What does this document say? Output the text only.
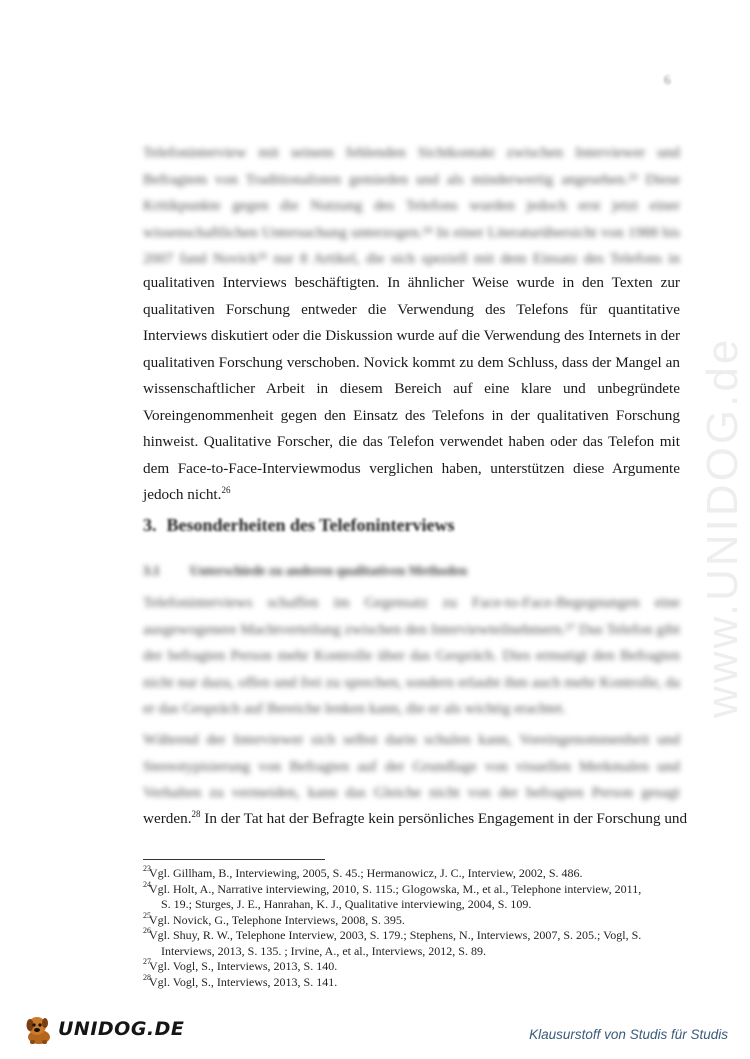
6
Telefoninterview mit seinem fehlenden Sichtkontakt zwischen Interviewer und
Befragtem von Traditionalisten gemieden und als minderwertig angesehen.²³ Diese
Kritikpunkte gegen die Nutzung des Telefons wurden jedoch erst jetzt einer
wissenschaftlichen Untersuchung unterzogen.²⁴ In einer Literaturübersicht von 1988 bis
2007 fand Novick²⁵ nur 8 Artikel, die sich speziell mit dem Einsatz des Telefons in
qualitativen Interviews beschäftigten. In ähnlicher Weise wurde in den Texten zur
qualitativen Forschung entweder die Verwendung des Telefons für quantitative
Interviews diskutiert oder die Diskussion wurde auf die Verwendung des Internets in der
qualitativen Forschung verschoben. Novick kommt zu dem Schluss, dass der Mangel an
wissenschaftlicher Arbeit in diesem Bereich auf eine klare und unbegründete
Voreingenommenheit gegen den Einsatz des Telefons in der qualitativen Forschung
hinweist. Qualitative Forscher, die das Telefon verwendet haben oder das Telefon mit
dem Face-to-Face-Interviewmodus verglichen haben, unterstützen diese Argumente
jedoch nicht.$^{26}$
3. Besonderheiten des Telefoninterviews
3.1 Unterschiede zu anderen qualitativen Methoden
Telefoninterviews schaffen im Gegensatz zu Face-to-Face-Begegnungen eine
ausgewogenere Machtverteilung zwischen den Interviewteilnehmern.²⁷ Das Telefon gibt
der befragten Person mehr Kontrolle über das Gespräch. Dies ermutigt den Befragten
nicht nur dazu, offen und frei zu sprechen, sondern erlaubt ihm auch mehr Kontrolle, da
er das Gespräch auf Bereiche lenken kann, die er als wichtig erachtet.
Während der Interviewer sich selbst darin schulen kann, Voreingenommenheit und
Stereotypisierung von Befragten auf der Grundlage von visuellen Merkmalen und
Verhalten zu vermeiden, kann das Gleiche nicht von der befragten Person gesagt
werden.$^{28}$ In der Tat hat der Befragte kein persönliches Engagement in der Forschung und
23
Vgl. Gillham, B., Interviewing, 2005, S. 45.; Hermanowicz, J. C., Interview, 2002, S. 486.
24
Vgl. Holt, A., Narrative interviewing, 2010, S. 115.; Glogowska, M., et al., Telephone interview, 2011,
S. 19.; Sturges, J. E., Hanrahan, K. J., Qualitative interviewing, 2004, S. 109.
25
Vgl. Novick, G., Telephone Interviews, 2008, S. 395.
26
Vgl. Shuy, R. W., Telephone Interview, 2003, S. 179.; Stephens, N., Interviews, 2007, S. 205.; Vogl, S.
Interviews, 2013, S. 135. ; Irvine, A., et al., Interviews, 2012, S. 89.
27
Vgl. Vogl, S., Interviews, 2013, S. 140.
28
Vgl. Vogl, S., Interviews, 2013, S. 141.
www.UNIDOG.de
UNIDOG.DE	Klausurstoff von Studis für Studis
